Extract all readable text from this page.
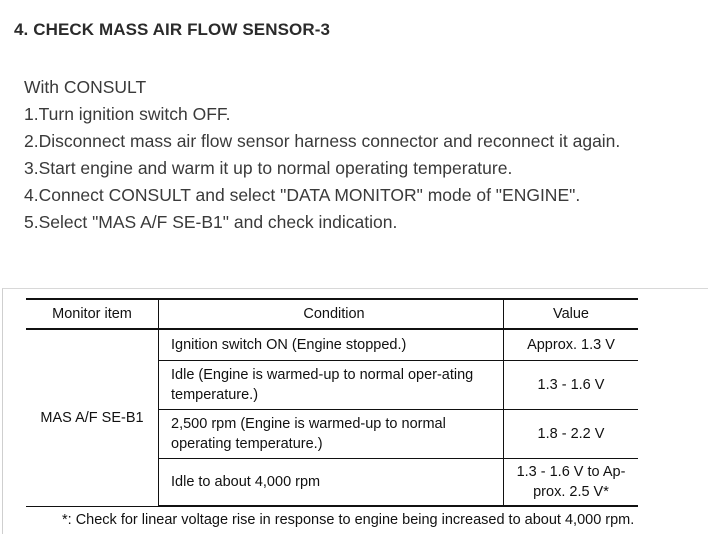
4. CHECK MASS AIR FLOW SENSOR-3
With CONSULT
1.Turn ignition switch OFF.
2.Disconnect mass air flow sensor harness connector and reconnect it again.
3.Start engine and warm it up to normal operating temperature.
4.Connect CONSULT and select "DATA MONITOR" mode of "ENGINE".
5.Select "MAS A/F SE-B1" and check indication.
Monitor item	Condition	Value
MAS A/F SE-B1	Ignition switch ON (Engine stopped.)	Approx. 1.3 V
	Idle (Engine is warmed-up to normal oper-ating temperature.)	1.3 - 1.6 V
	2,500 rpm (Engine is warmed-up to normal operating temperature.)	1.8 - 2.2 V
	Idle to about 4,000 rpm	1.3 - 1.6 V to Ap-prox. 2.5 V*

*: Check for linear voltage rise in response to engine being increased to about 4,000 rpm.
